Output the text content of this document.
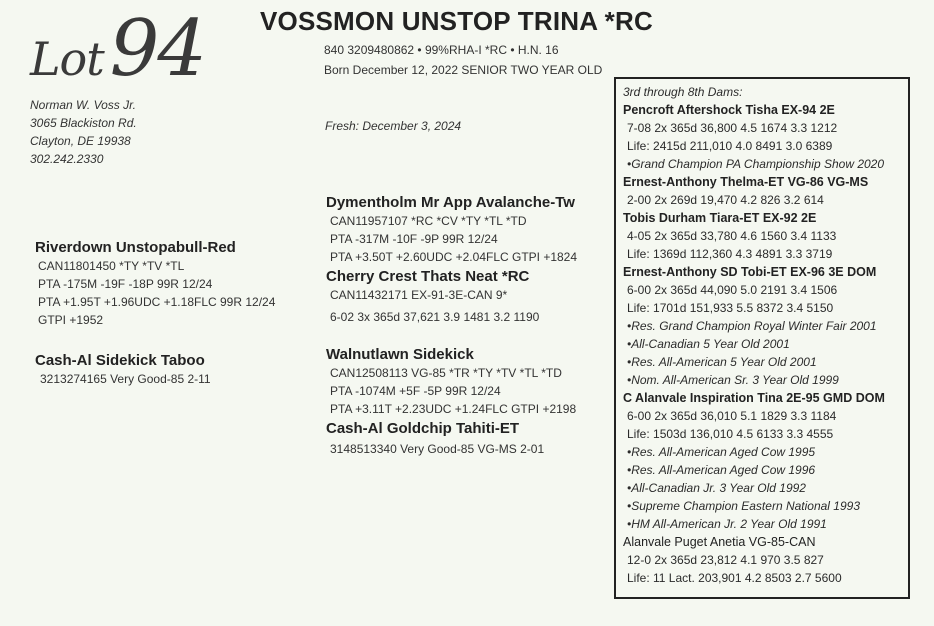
Lot94 VOSSMON UNSTOP TRINA *RC
840 3209480862 • 99%RHA-I *RC • H.N. 16
Born December 12, 2022 SENIOR TWO YEAR OLD
Norman W. Voss Jr.
3065 Blackiston Rd.
Clayton, DE 19938
302.242.2330
Fresh: December 3, 2024
Riverdown Unstopabull-Red
CAN11801450 *TY *TV *TL
PTA -175M -19F -18P 99R 12/24
PTA +1.95T +1.96UDC +1.18FLC 99R 12/24
GTPI +1952
Cash-Al Sidekick Taboo
3213274165 Very Good-85 2-11
Dymentholm Mr App Avalanche-Tw
CAN11957107 *RC *CV *TY *TL *TD
PTA -317M -10F -9P 99R 12/24
PTA +3.50T +2.60UDC +2.04FLC GTPI +1824
Cherry Crest Thats Neat *RC
CAN11432171 EX-91-3E-CAN 9*
6-02 3x 365d 37,621 3.9 1481 3.2 1190
Walnutlawn Sidekick
CAN12508113 VG-85 *TR *TY *TV *TL *TD
PTA -1074M +5F -5P 99R 12/24
PTA +3.11T +2.23UDC +1.24FLC GTPI +2198
Cash-Al Goldchip Tahiti-ET
3148513340 Very Good-85 VG-MS 2-01
3rd through 8th Dams:
Pencroft Aftershock Tisha EX-94 2E
7-08 2x 365d 36,800 4.5 1674 3.3 1212
Life: 2415d 211,010 4.0 8491 3.0 6389
•Grand Champion PA Championship Show 2020
Ernest-Anthony Thelma-ET VG-86 VG-MS
2-00 2x 269d 19,470 4.2 826 3.2 614
Tobis Durham Tiara-ET EX-92 2E
4-05 2x 365d 33,780 4.6 1560 3.4 1133
Life: 1369d 112,360 4.3 4891 3.3 3719
Ernest-Anthony SD Tobi-ET EX-96 3E DOM
6-00 2x 365d 44,090 5.0 2191 3.4 1506
Life: 1701d 151,933 5.5 8372 3.4 5150
•Res. Grand Champion Royal Winter Fair 2001
•All-Canadian 5 Year Old 2001
•Res. All-American 5 Year Old 2001
•Nom. All-American Sr. 3 Year Old 1999
C Alanvale Inspiration Tina 2E-95 GMD DOM
6-00 2x 365d 36,010 5.1 1829 3.3 1184
Life: 1503d 136,010 4.5 6133 3.3 4555
•Res. All-American Aged Cow 1995
•Res. All-American Aged Cow 1996
•All-Canadian Jr. 3 Year Old 1992
•Supreme Champion Eastern National 1993
•HM All-American Jr. 2 Year Old 1991
Alanvale Puget Anetia VG-85-CAN
12-0 2x 365d 23,812 4.1 970 3.5 827
Life: 11 Lact. 203,901 4.2 8503 2.7 5600
